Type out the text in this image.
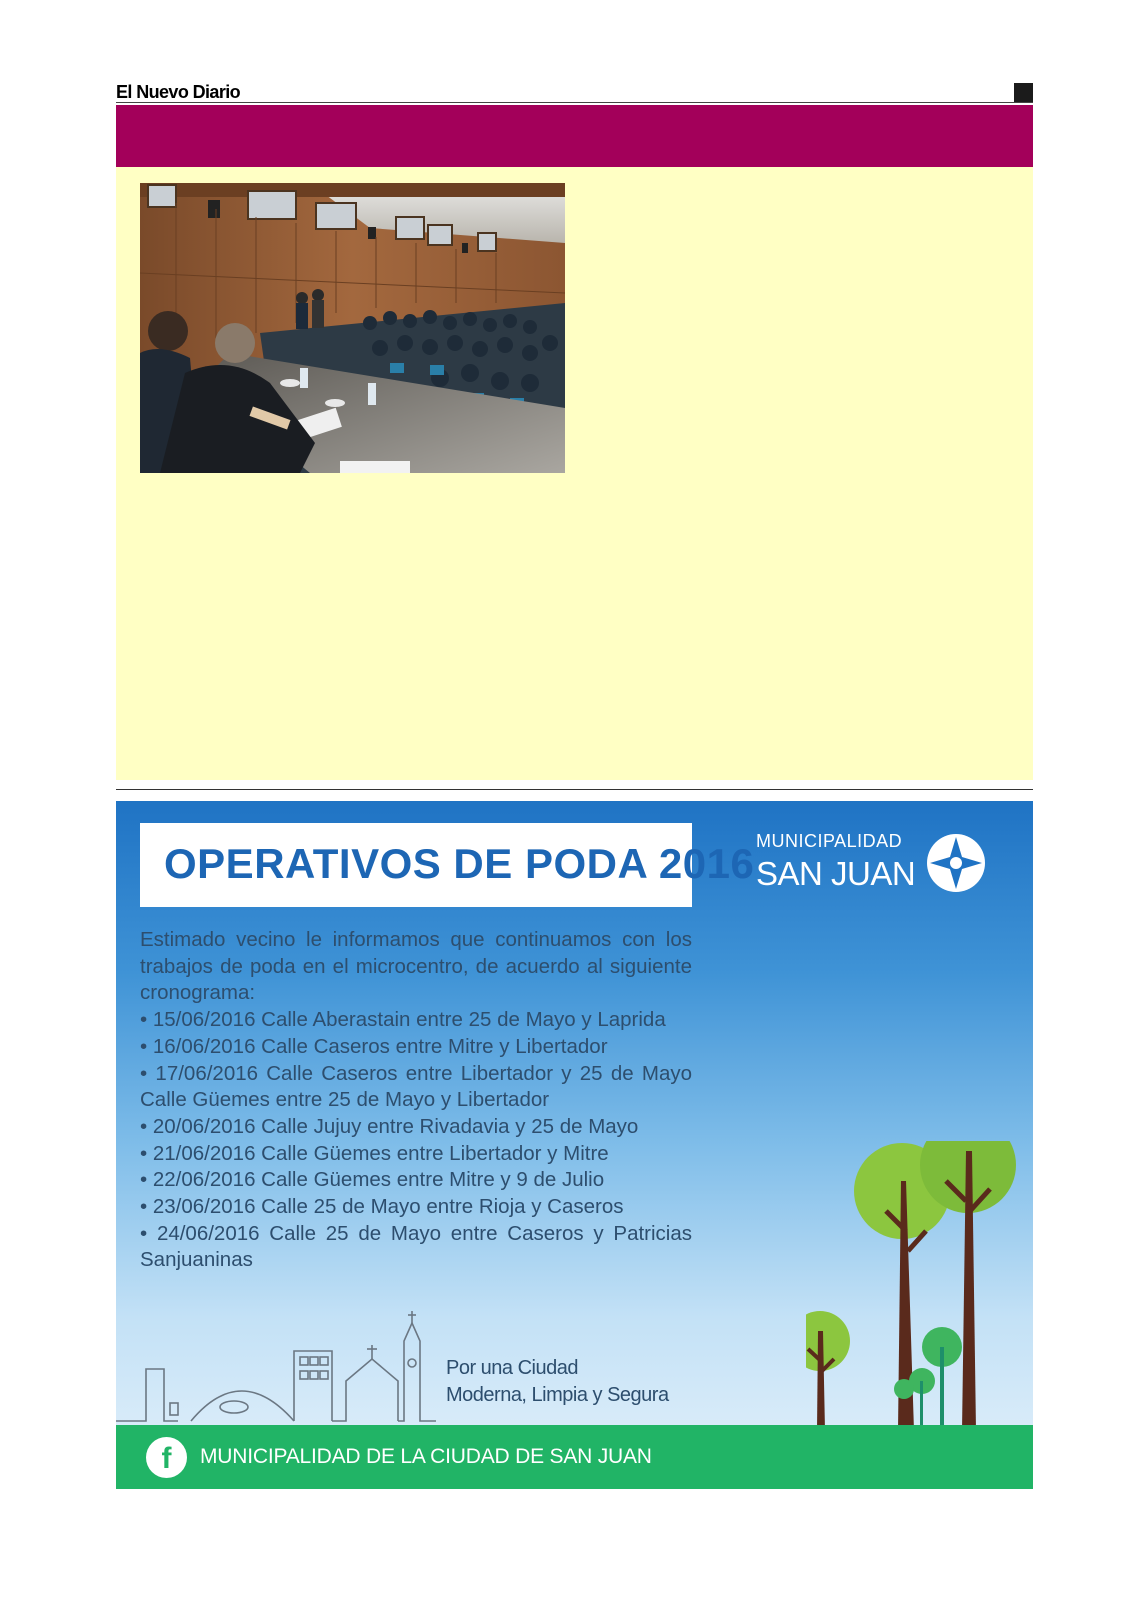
El Nuevo Diario
OPERATIVOS DE PODA 2016 MUNICIPALIDAD
SAN JUAN
Estimado vecino le informamos que continuamos con los trabajos de poda en el microcentro, de acuerdo al siguiente cronograma:
• 15/06/2016 Calle Aberastain entre 25 de Mayo y Laprida
• 16/06/2016 Calle Caseros entre Mitre y Libertador
• 17/06/2016 Calle Caseros entre Libertador y 25 de Mayo Calle Güemes entre 25 de Mayo y Libertador
• 20/06/2016 Calle Jujuy entre Rivadavia y 25 de Mayo
• 21/06/2016 Calle Güemes entre Libertador y Mitre
• 22/06/2016 Calle Güemes entre Mitre y 9 de Julio
• 23/06/2016 Calle 25 de Mayo entre Rioja y Caseros
• 24/06/2016 Calle 25 de Mayo entre Caseros y Patricias Sanjuaninas
Por una Ciudad
Moderna, Limpia y Segura
f	MUNICIPALIDAD DE LA CIUDAD DE SAN JUAN
